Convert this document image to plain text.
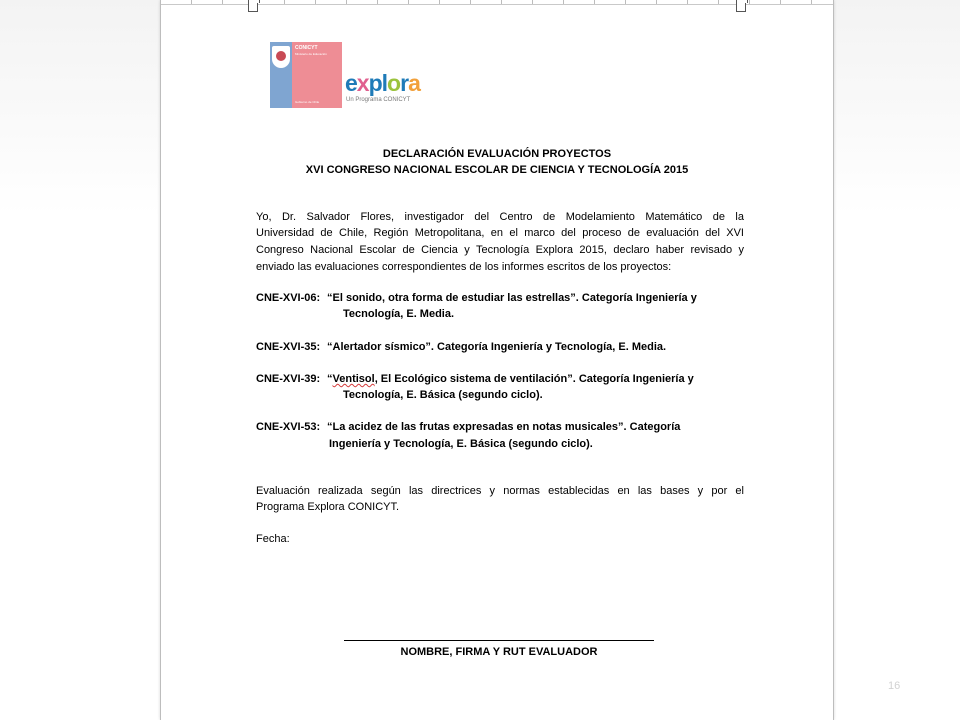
CONICYT
Ministerio de Educación
Gobierno de Chile
explora
Un Programa CONICYT
DECLARACIÓN EVALUACIÓN PROYECTOS
XVI CONGRESO NACIONAL ESCOLAR DE CIENCIA Y TECNOLOGÍA 2015
Yo, Dr. Salvador Flores, investigador del Centro de Modelamiento Matemático de la
Universidad de Chile, Región Metropolitana, en el marco del proceso de evaluación del XVI
Congreso Nacional Escolar de Ciencia y Tecnología Explora 2015, declaro haber revisado y
enviado las evaluaciones correspondientes de los informes escritos de los proyectos:
CNE-XVI-06: “El sonido, otra forma de estudiar las estrellas”. Categoría Ingeniería y
Tecnología, E. Media.
CNE-XVI-35: “Alertador sísmico”. Categoría Ingeniería y Tecnología, E. Media.
CNE-XVI-39: “Ventisol, El Ecológico sistema de ventilación”. Categoría Ingeniería y
Tecnología, E. Básica (segundo ciclo).
CNE-XVI-53: “La acidez de las frutas expresadas en notas musicales”. Categoría
Ingeniería y Tecnología, E. Básica (segundo ciclo).
Evaluación realizada según las directrices y normas establecidas en las bases y por el
Programa Explora CONICYT.
Fecha:
NOMBRE, FIRMA Y RUT EVALUADOR
16
